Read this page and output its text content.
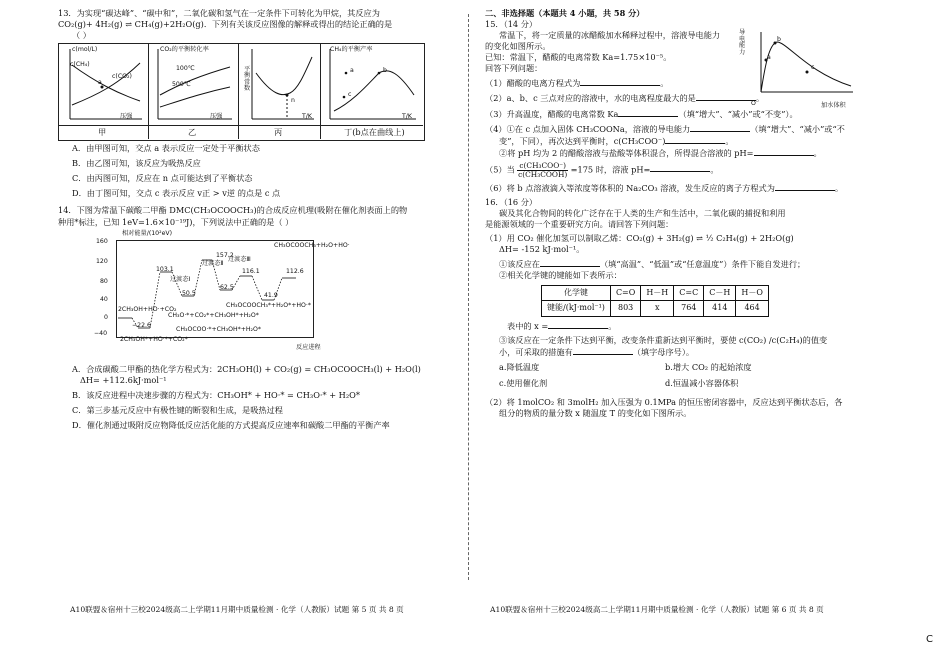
13．为实现“碳达峰”、“碳中和”，二氧化碳和氢气在一定条件下可转化为甲烷，其反应为
CO₂(g)+ 4H₂(g) ⇌ CH₄(g)+2H₂O(g)．下列有关该反应图像的解释或得出的结论正确的是
（ ）
c(mol/L)
c(CH₄)
c(CO₂)
a
压强
CO₂的平衡转化率
100℃
500℃
压强
平衡常数
n
T/K
CH₄的平衡产率
a	b
c
T/K
甲	乙	丙	丁(b点在曲线上)
A．由甲图可知，交点 a 表示反应一定处于平衡状态
B．由乙图可知，该反应为吸热反应
C．由丙图可知，反应在 n 点可能达到了平衡状态
D．由丁图可知，交点 c 表示反应 v正 > v逆 的点是 c 点
14．下图为常温下碳酸二甲酯 DMC(CH₃OCOOCH₃)的合成反应机理(吸附在催化剂表面上的物
种用*标注，已知 1eV=1.6×10⁻¹⁹J)，下列说法中正确的是（ ）
相对能量/(10²eV)
160
120
80
40
0
−40
157.2
103.1
50.5
62.5
116.1	112.6
41.9
−22.6
过渡态Ⅰ
过渡态Ⅱ
过渡态Ⅲ
2CH₃OH+HO·+CO₂
CH₃O·*+CO₂*+CH₃OH*+H₂O*
CH₃OCOOCH₃*+H₂O*+HO·*
CH₃OCOO·*+CH₃OH*+H₂O*
2CH₃OH*+HO·*+CO₂*
CH₃OCOOCH₃+H₂O+HO·
反应进程
A．合成碳酸二甲酯的热化学方程式为：2CH₃OH(l) + CO₂(g) = CH₃OCOOCH₃(l) + H₂O(l)
ΔH= +112.6kJ·mol⁻¹
B．该反应进程中决速步骤的方程式为：CH₃OH* + HO·* = CH₃O·* + H₂O*
C．第三步基元反应中有极性键的断裂和生成，是吸热过程
D．催化剂通过吸附反应物降低反应活化能的方式提高反应速率和碳酸二甲酯的平衡产率
二、非选择题（本题共 4 小题，共 58 分）
15．（14 分）
导电能力
O	加水体积
a
b
c
常温下，将一定质量的冰醋酸加水稀释过程中，溶液导电能力
的变化如图所示。
已知：常温下，醋酸的电离常数 Ka=1.75×10⁻⁵。
回答下列问题：
（1）醋酸的电离方程式为	。
（2）a、b、c 三点对应的溶液中，水的电离程度最大的是	。
（3）升高温度，醋酸的电离常数 Ka	（填“增大”、“减小”或“不变”）。
（4）①在 c 点加入固体 CH₃COONa，溶液的导电能力	（填“增大”、“减小”或“不
变”，下同），再次达到平衡时，c(CH₃COO⁻)	。
②将 pH 均为 2 的醋酸溶液与盐酸等体积混合，所得混合溶液的 pH=	。
（5）当 $\frac{\text{c(CH₃COO⁻)}}{\text{c(CH₃COOH)}} =175$ 时，溶液 pH=	。
（6）将 b 点溶液滴入等浓度等体积的 Na₂CO₃ 溶液，发生反应的离子方程式为	。
16．（16 分）
碳及其化合物间的转化广泛存在于人类的生产和生活中，二氧化碳的捕捉和利用
是能源领域的一个重要研究方向。请回答下列问题：
（1）用 CO₂ 催化加氢可以制取乙烯：CO₂(g) + 3H₂(g) ⇌ ½ C₂H₄(g) + 2H₂O(g)
ΔH= -152 kJ·mol⁻¹。
①该反应在	（填“高温”、“低温”或“任意温度”）条件下能自发进行；
②相关化学键的键能如下表所示：
化学键	C=O	H－H	C=C	C－H	H－O
键能/(kJ·mol⁻¹)	803	x	764	414	464
表中的 x =	。
③该反应在一定条件下达到平衡，改变条件重新达到平衡时，要使 c(CO₂) /c(C₂H₄)的值变
小，可采取的措施有	（填字母序号）。
a.降低温度	b.增大 CO₂ 的起始浓度
c.使用催化剂	d.恒温减小容器体积
（2）将 1molCO₂ 和 3molH₂ 加入压强为 0.1MPa 的恒压密闭容器中，反应达到平衡状态后，各
组分的物质的量分数 x 随温度 T 的变化如下图所示。
A10联盟＆宿州十三校2024级高二上学期11月期中质量检测 · 化学（人教版）试题 第 5 页 共 8 页	A10联盟＆宿州十三校2024级高二上学期11月期中质量检测 · 化学（人教版）试题 第 6 页 共 8 页
C
